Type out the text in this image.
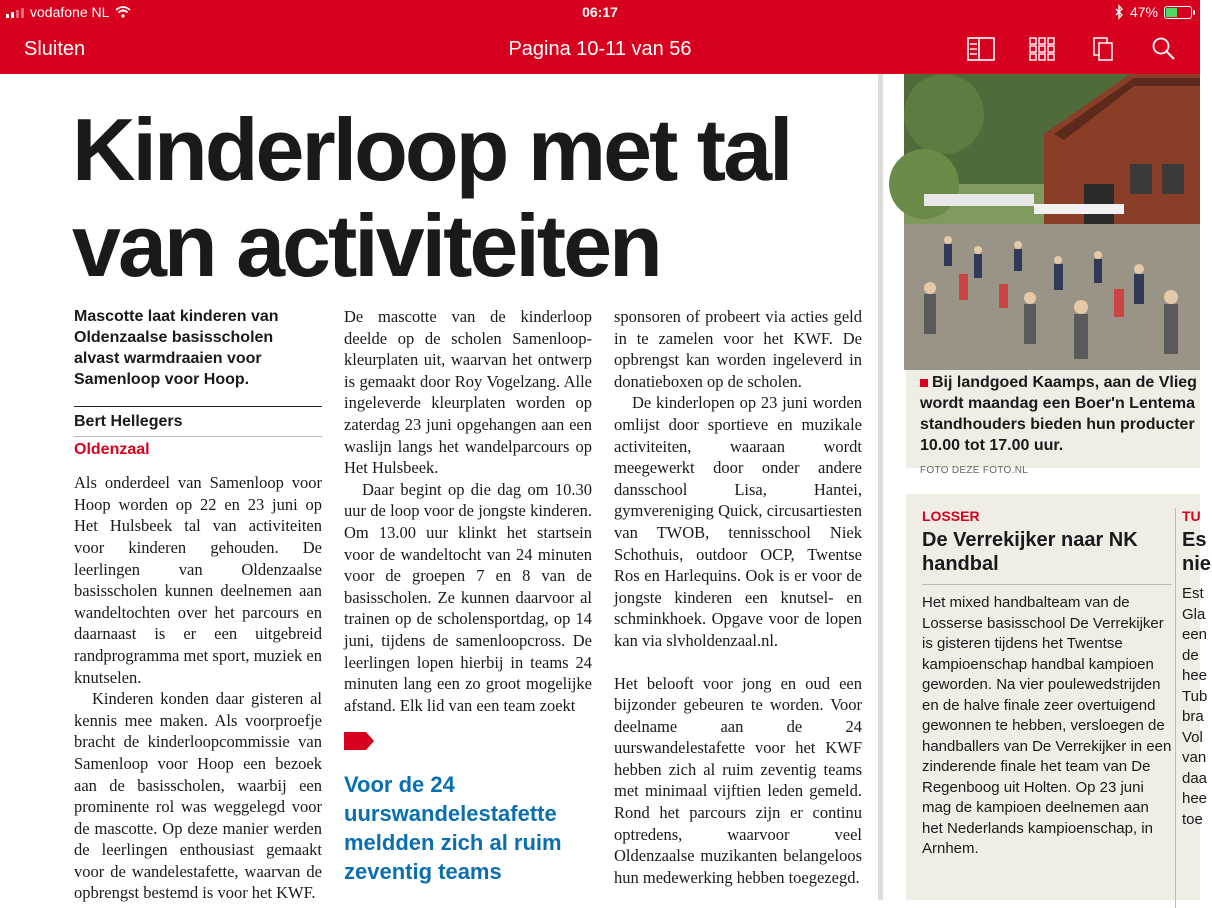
vodafone NL	06:17	47%
Sluiten	Pagina 10-11 van 56
Kinderloop met tal
van activiteiten
Mascotte laat kinderen van Oldenzaalse basisscholen alvast warmdraaien voor Samenloop voor Hoop.
Bert Hellegers
Oldenzaal

Als onderdeel van Samenloop voor Hoop worden op 22 en 23 juni op Het Hulsbeek tal van activiteiten voor kinderen gehouden. De leerlingen van Oldenzaalse basisscholen kunnen deelnemen aan wandeltochten over het parcours en daarnaast is er een uitgebreid randprogramma met sport, muziek en knutselen.

Kinderen konden daar gisteren al kennis mee maken. Als voorproefje bracht de kinderloopcommissie van Samenloop voor Hoop een bezoek aan de basisscholen, waarbij een prominente rol was weggelegd voor de mascotte. Op deze manier werden de leerlingen enthousiast gemaakt voor de wandelestafette, waarvan de opbrengst bestemd is voor het KWF.

De mascotte van de kinderloop deelde op de scholen Samenloop-kleurplaten uit, waarvan het ontwerp is gemaakt door Roy Vogelzang. Alle ingeleverde kleurplaten worden op zaterdag 23 juni opgehangen aan een waslijn langs het wandelparcours op Het Hulsbeek.

Daar begint op die dag om 10.30 uur de loop voor de jongste kinderen. Om 13.00 uur klinkt het startsein voor de wandeltocht van 24 minuten voor de groepen 7 en 8 van de basisscholen. Ze kunnen daarvoor al trainen op de scholensportdag, op 14 juni, tijdens de samenloopcross. De leerlingen lopen hierbij in teams 24 minuten lang een zo groot mogelijke afstand. Elk lid van een team zoekt

Voor de 24 uurswandelestafette meldden zich al ruim zeventig teams

sponsoren of probeert via acties geld in te zamelen voor het KWF. De opbrengst kan worden ingeleverd in donatieboxen op de scholen.

De kinderlopen op 23 juni worden omlijst door sportieve en muzikale activiteiten, waaraan wordt meegewerkt door onder andere dansschool Lisa, Hantei, gymvereniging Quick, circusartiesten van TWOB, tennisschool Niek Schothuis, outdoor OCP, Twentse Ros en Harlequins. Ook is er voor de jongste kinderen een knutsel- en schminkhoek. Opgave voor de lopen kan via slvholdenzaal.nl.

Het belooft voor jong en oud een bijzonder gebeuren te worden. Voor deelname aan de 24 uurswandelestafette voor het KWF hebben zich al ruim zeventig teams met minimaal vijftien leden gemeld. Rond het parcours zijn er continu optredens, waarvoor veel Oldenzaalse muzikanten belangeloos hun medewerking hebben toegezegd.

Bij landgoed Kaamps, aan de Vlieg
wordt maandag een Boer'n Lentema
standhouders bieden hun producter
10.00 tot 17.00 uur.
FOTO DEZE FOTO.NL
LOSSER
De Verrekijker naar NK handbal
Het mixed handbalteam van de Losserse basisschool De Verrekijker is gisteren tijdens het Twentse kampioenschap handbal kampioen geworden. Na vier poulewedstrijden en de halve finale zeer overtuigend gewonnen te hebben, versloegen de handballers van De Verrekijker in een zinderende finale het team van De Regenboog uit Holten. Op 23 juni mag de kampioen deelnemen aan het Nederlands kampioenschap, in Arnhem.
TU
Es
nie
Est
Gla
een
de
hee
Tub
bra
Vol
van
daa
hee
toe
